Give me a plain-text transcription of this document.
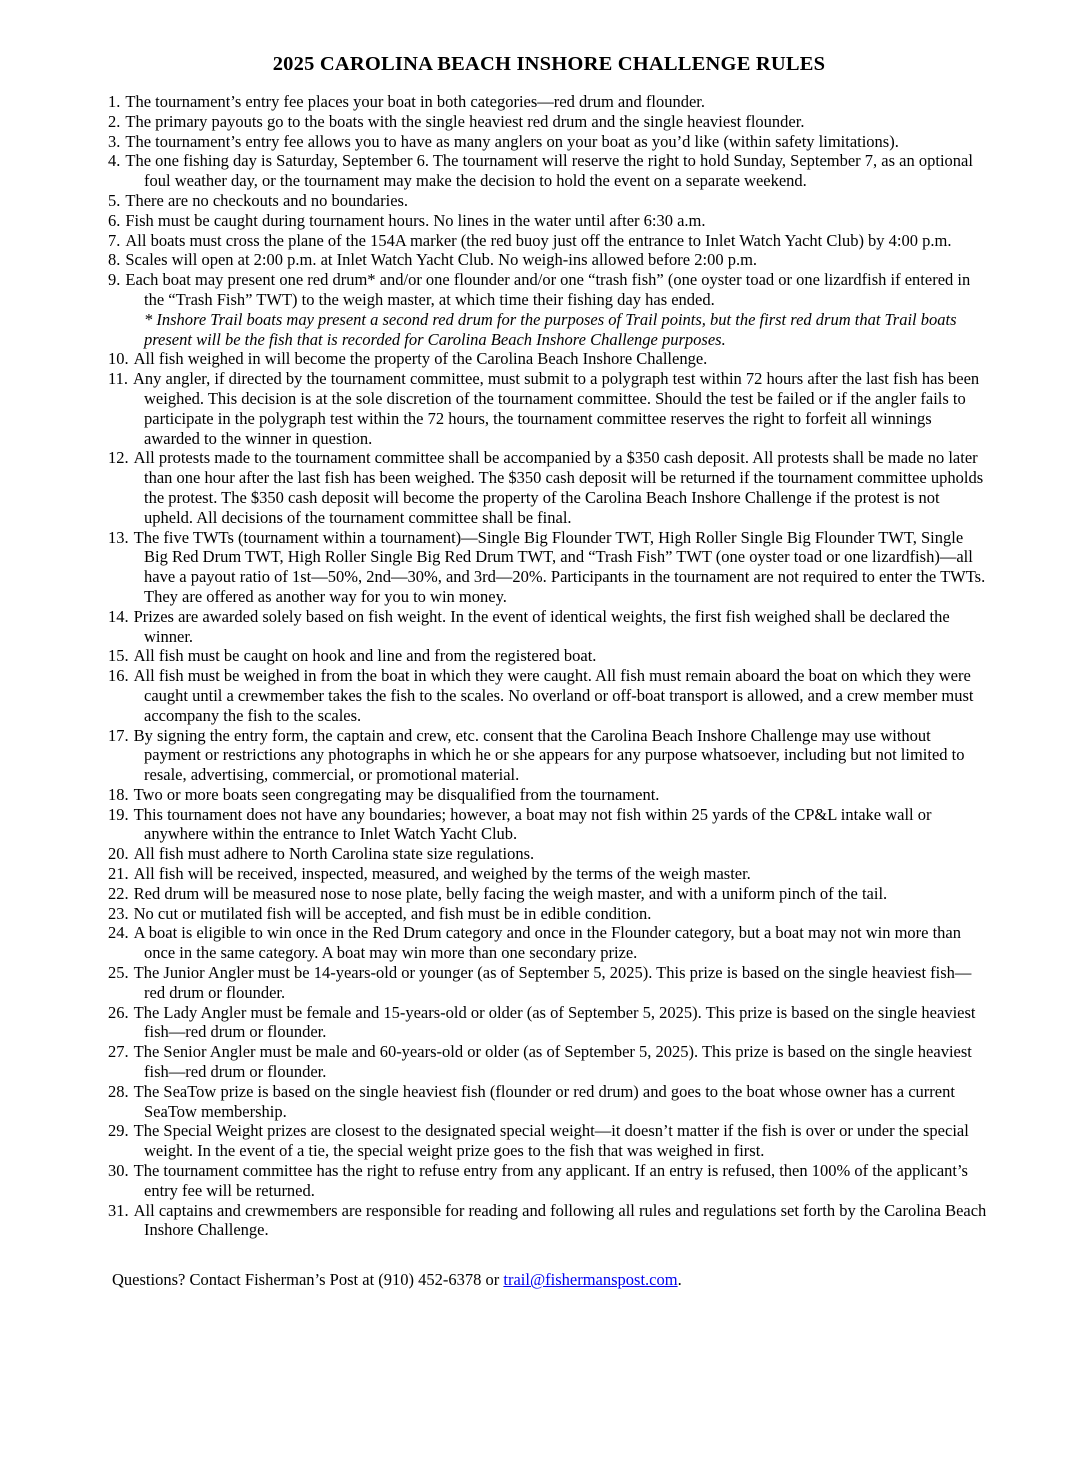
2025 CAROLINA BEACH INSHORE CHALLENGE RULES
1. The tournament’s entry fee places your boat in both categories—red drum and flounder.
2. The primary payouts go to the boats with the single heaviest red drum and the single heaviest flounder.
3. The tournament’s entry fee allows you to have as many anglers on your boat as you’d like (within safety limitations).
4. The one fishing day is Saturday, September 6. The tournament will reserve the right to hold Sunday, September 7, as an optional foul weather day, or the tournament may make the decision to hold the event on a separate weekend.
5. There are no checkouts and no boundaries.
6. Fish must be caught during tournament hours. No lines in the water until after 6:30 a.m.
7. All boats must cross the plane of the 154A marker (the red buoy just off the entrance to Inlet Watch Yacht Club) by 4:00 p.m.
8. Scales will open at 2:00 p.m. at Inlet Watch Yacht Club. No weigh-ins allowed before 2:00 p.m.
9. Each boat may present one red drum* and/or one flounder and/or one “trash fish” (one oyster toad or one lizardfish if entered in the “Trash Fish” TWT) to the weigh master, at which time their fishing day has ended.
* Inshore Trail boats may present a second red drum for the purposes of Trail points, but the first red drum that Trail boats present will be the fish that is recorded for Carolina Beach Inshore Challenge purposes.
10. All fish weighed in will become the property of the Carolina Beach Inshore Challenge.
11. Any angler, if directed by the tournament committee, must submit to a polygraph test within 72 hours after the last fish has been weighed. This decision is at the sole discretion of the tournament committee. Should the test be failed or if the angler fails to participate in the polygraph test within the 72 hours, the tournament committee reserves the right to forfeit all winnings awarded to the winner in question.
12. All protests made to the tournament committee shall be accompanied by a $350 cash deposit. All protests shall be made no later than one hour after the last fish has been weighed. The $350 cash deposit will be returned if the tournament committee upholds the protest. The $350 cash deposit will become the property of the Carolina Beach Inshore Challenge if the protest is not upheld. All decisions of the tournament committee shall be final.
13. The five TWTs (tournament within a tournament)—Single Big Flounder TWT, High Roller Single Big Flounder TWT, Single Big Red Drum TWT, High Roller Single Big Red Drum TWT, and “Trash Fish” TWT (one oyster toad or one lizardfish)—all have a payout ratio of 1st—50%, 2nd—30%, and 3rd—20%. Participants in the tournament are not required to enter the TWTs. They are offered as another way for you to win money.
14. Prizes are awarded solely based on fish weight. In the event of identical weights, the first fish weighed shall be declared the winner.
15. All fish must be caught on hook and line and from the registered boat.
16. All fish must be weighed in from the boat in which they were caught. All fish must remain aboard the boat on which they were caught until a crewmember takes the fish to the scales. No overland or off-boat transport is allowed, and a crew member must accompany the fish to the scales.
17. By signing the entry form, the captain and crew, etc. consent that the Carolina Beach Inshore Challenge may use without payment or restrictions any photographs in which he or she appears for any purpose whatsoever, including but not limited to resale, advertising, commercial, or promotional material.
18. Two or more boats seen congregating may be disqualified from the tournament.
19. This tournament does not have any boundaries; however, a boat may not fish within 25 yards of the CP&L intake wall or anywhere within the entrance to Inlet Watch Yacht Club.
20. All fish must adhere to North Carolina state size regulations.
21. All fish will be received, inspected, measured, and weighed by the terms of the weigh master.
22. Red drum will be measured nose to nose plate, belly facing the weigh master, and with a uniform pinch of the tail.
23. No cut or mutilated fish will be accepted, and fish must be in edible condition.
24. A boat is eligible to win once in the Red Drum category and once in the Flounder category, but a boat may not win more than once in the same category. A boat may win more than one secondary prize.
25. The Junior Angler must be 14-years-old or younger (as of September 5, 2025). This prize is based on the single heaviest fish—red drum or flounder.
26. The Lady Angler must be female and 15-years-old or older (as of September 5, 2025). This prize is based on the single heaviest fish—red drum or flounder.
27. The Senior Angler must be male and 60-years-old or older (as of September 5, 2025). This prize is based on the single heaviest fish—red drum or flounder.
28. The SeaTow prize is based on the single heaviest fish (flounder or red drum) and goes to the boat whose owner has a current SeaTow membership.
29. The Special Weight prizes are closest to the designated special weight—it doesn’t matter if the fish is over or under the special weight. In the event of a tie, the special weight prize goes to the fish that was weighed in first.
30. The tournament committee has the right to refuse entry from any applicant. If an entry is refused, then 100% of the applicant’s entry fee will be returned.
31. All captains and crewmembers are responsible for reading and following all rules and regulations set forth by the Carolina Beach Inshore Challenge.

Questions? Contact Fisherman’s Post at (910) 452-6378 or trail@fishermanspost.com.
